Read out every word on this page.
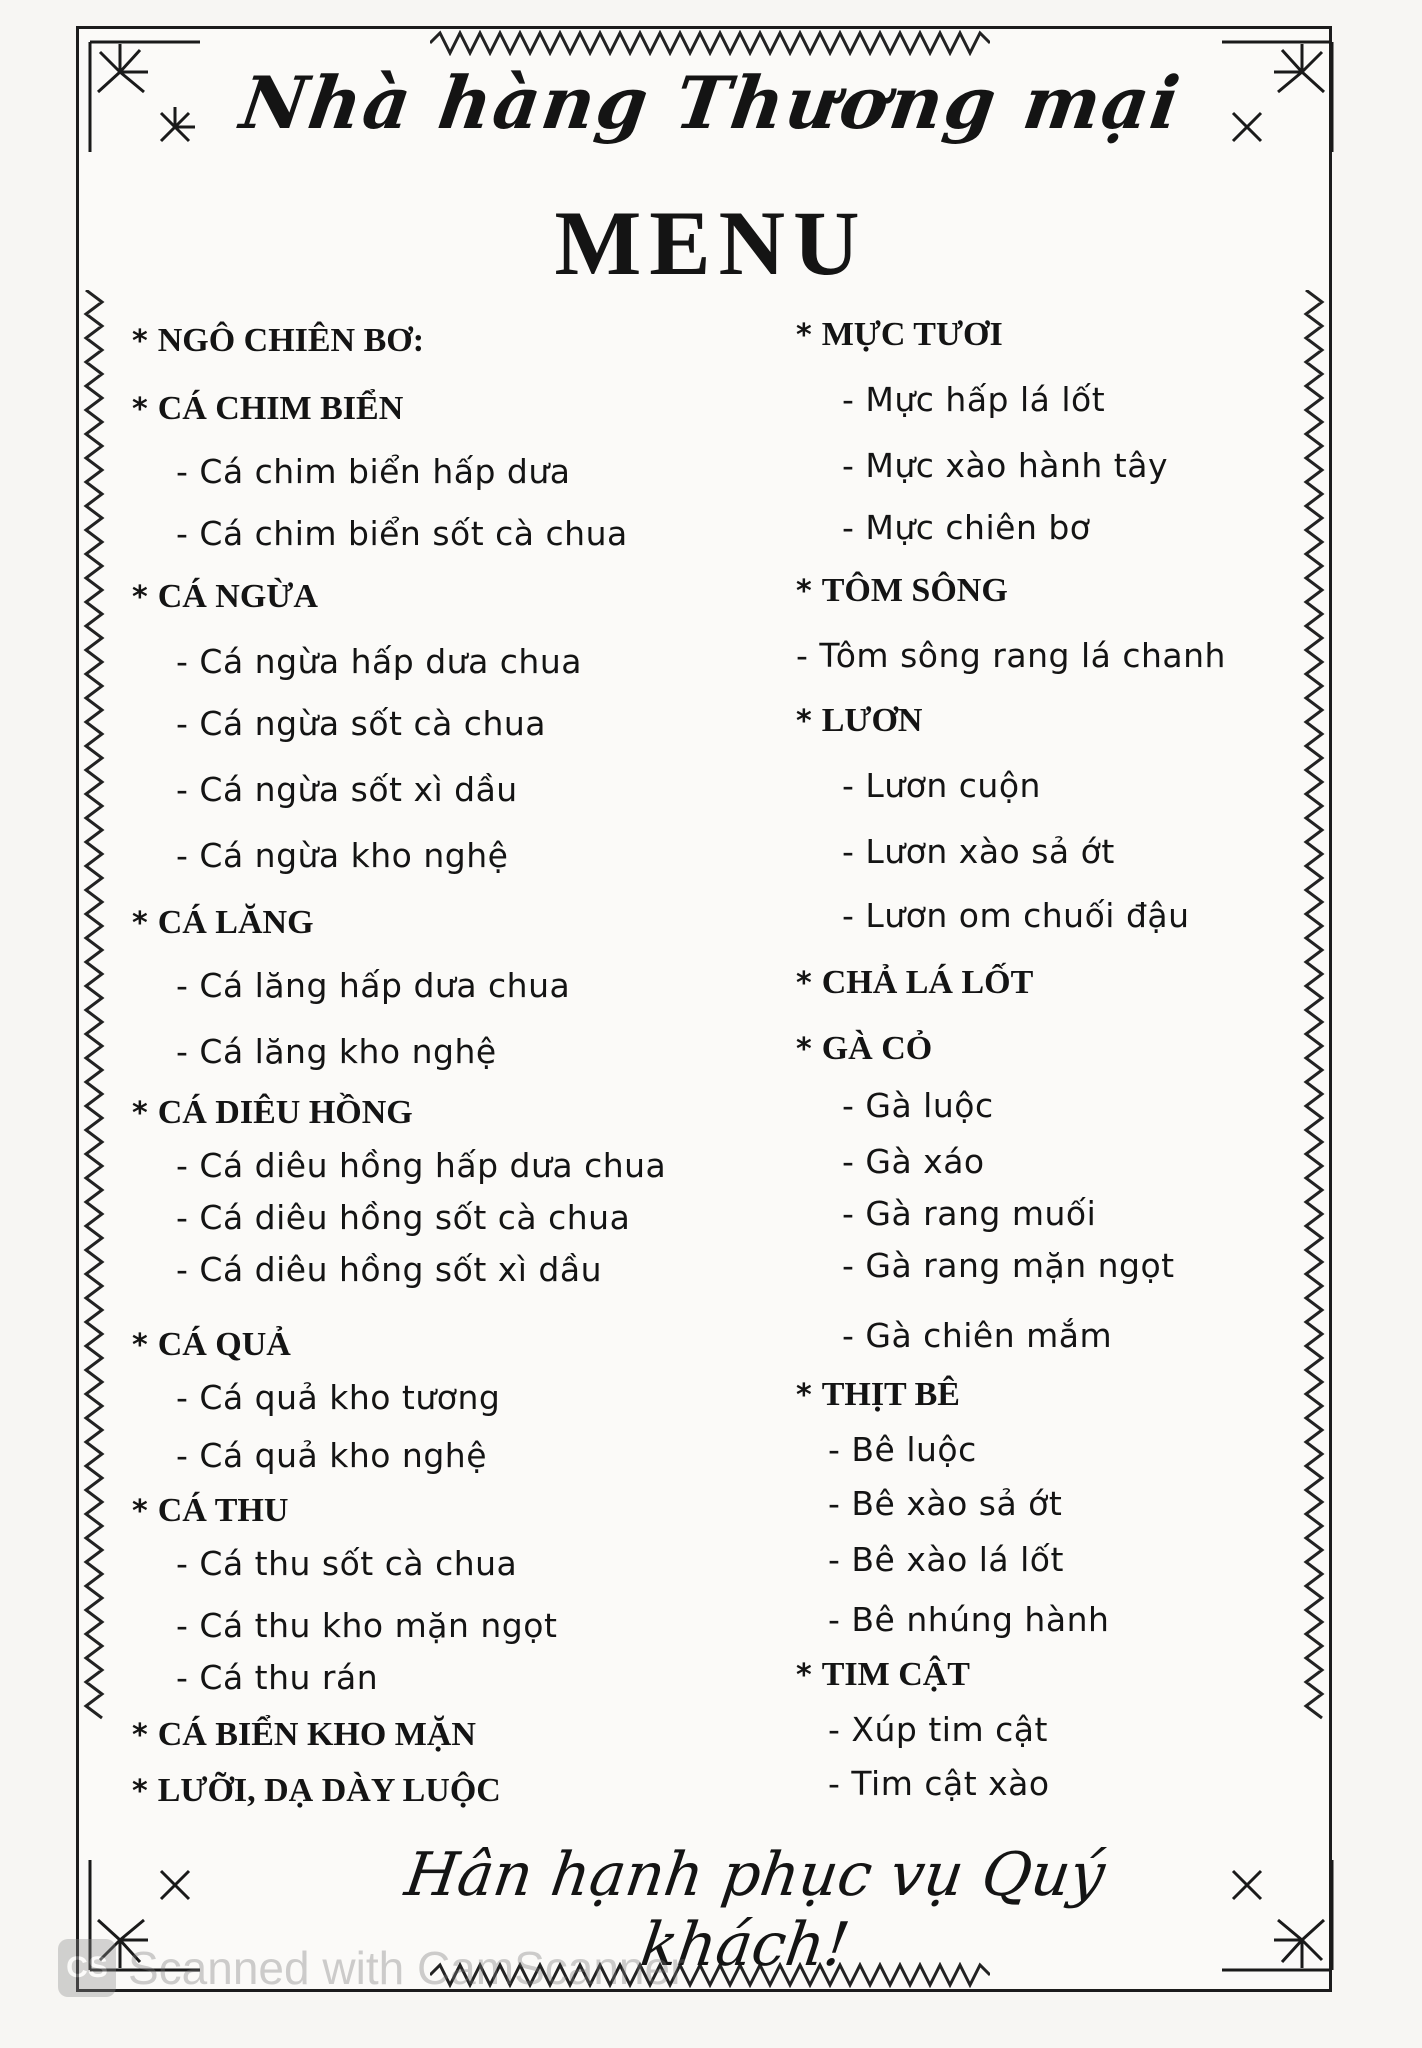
Nhà hàng Thương mại
MENU
* NGÔ CHIÊN BƠ:
* CÁ CHIM BIỂN
- Cá chim biển hấp dưa
- Cá chim biển sốt cà chua
* CÁ NGỪA
- Cá ngừa hấp dưa chua
- Cá ngừa sốt cà chua
- Cá ngừa sốt xì dầu
- Cá ngừa kho nghệ
* CÁ LĂNG
- Cá lăng hấp dưa chua
- Cá lăng kho nghệ
* CÁ DIÊU HỒNG
- Cá diêu hồng hấp dưa chua
- Cá diêu hồng sốt cà chua
- Cá diêu hồng sốt xì dầu
* CÁ QUẢ
- Cá quả kho tương
- Cá quả kho nghệ
* CÁ THU
- Cá thu sốt cà chua
- Cá thu kho mặn ngọt
- Cá thu rán
* CÁ BIỂN KHO MẶN
* LƯỠI, DẠ DÀY LUỘC
* MỰC TƯƠI
- Mực hấp lá lốt
- Mực xào hành tây
- Mực chiên bơ
* TÔM SÔNG
- Tôm sông rang lá chanh
* LƯƠN
- Lươn cuộn
- Lươn xào sả ớt
- Lươn om chuối đậu
* CHẢ LÁ LỐT
* GÀ CỎ
- Gà luộc
- Gà xáo
- Gà rang muối
- Gà rang mặn ngọt
- Gà chiên mắm
* THỊT BÊ
- Bê luộc
- Bê xào sả ớt
- Bê xào lá lốt
- Bê nhúng hành
* TIM CẬT
- Xúp tim cật
- Tim cật xào
Hân hạnh phục vụ Quý khách!
CS Scanned with CamScanner
